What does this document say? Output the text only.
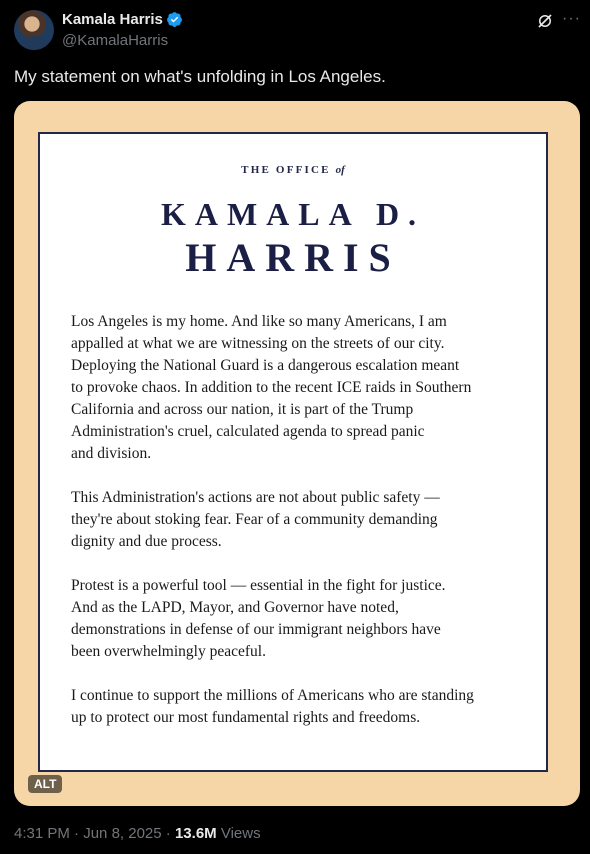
Kamala Harris
@KamalaHarris
···
My statement on what's unfolding in Los Angeles.
THE OFFICE of
KAMALA D.
HARRIS
Los Angeles is my home. And like so many Americans, I am
appalled at what we are witnessing on the streets of our city.
Deploying the National Guard is a dangerous escalation meant
to provoke chaos. In addition to the recent ICE raids in Southern
California and across our nation, it is part of the Trump
Administration's cruel, calculated agenda to spread panic
and division.
This Administration's actions are not about public safety —
they're about stoking fear. Fear of a community demanding
dignity and due process.
Protest is a powerful tool — essential in the fight for justice.
And as the LAPD, Mayor, and Governor have noted,
demonstrations in defense of our immigrant neighbors have
been overwhelmingly peaceful.
I continue to support the millions of Americans who are standing
up to protect our most fundamental rights and freedoms.
ALT
4:31 PM · Jun 8, 2025 · 13.6M Views
